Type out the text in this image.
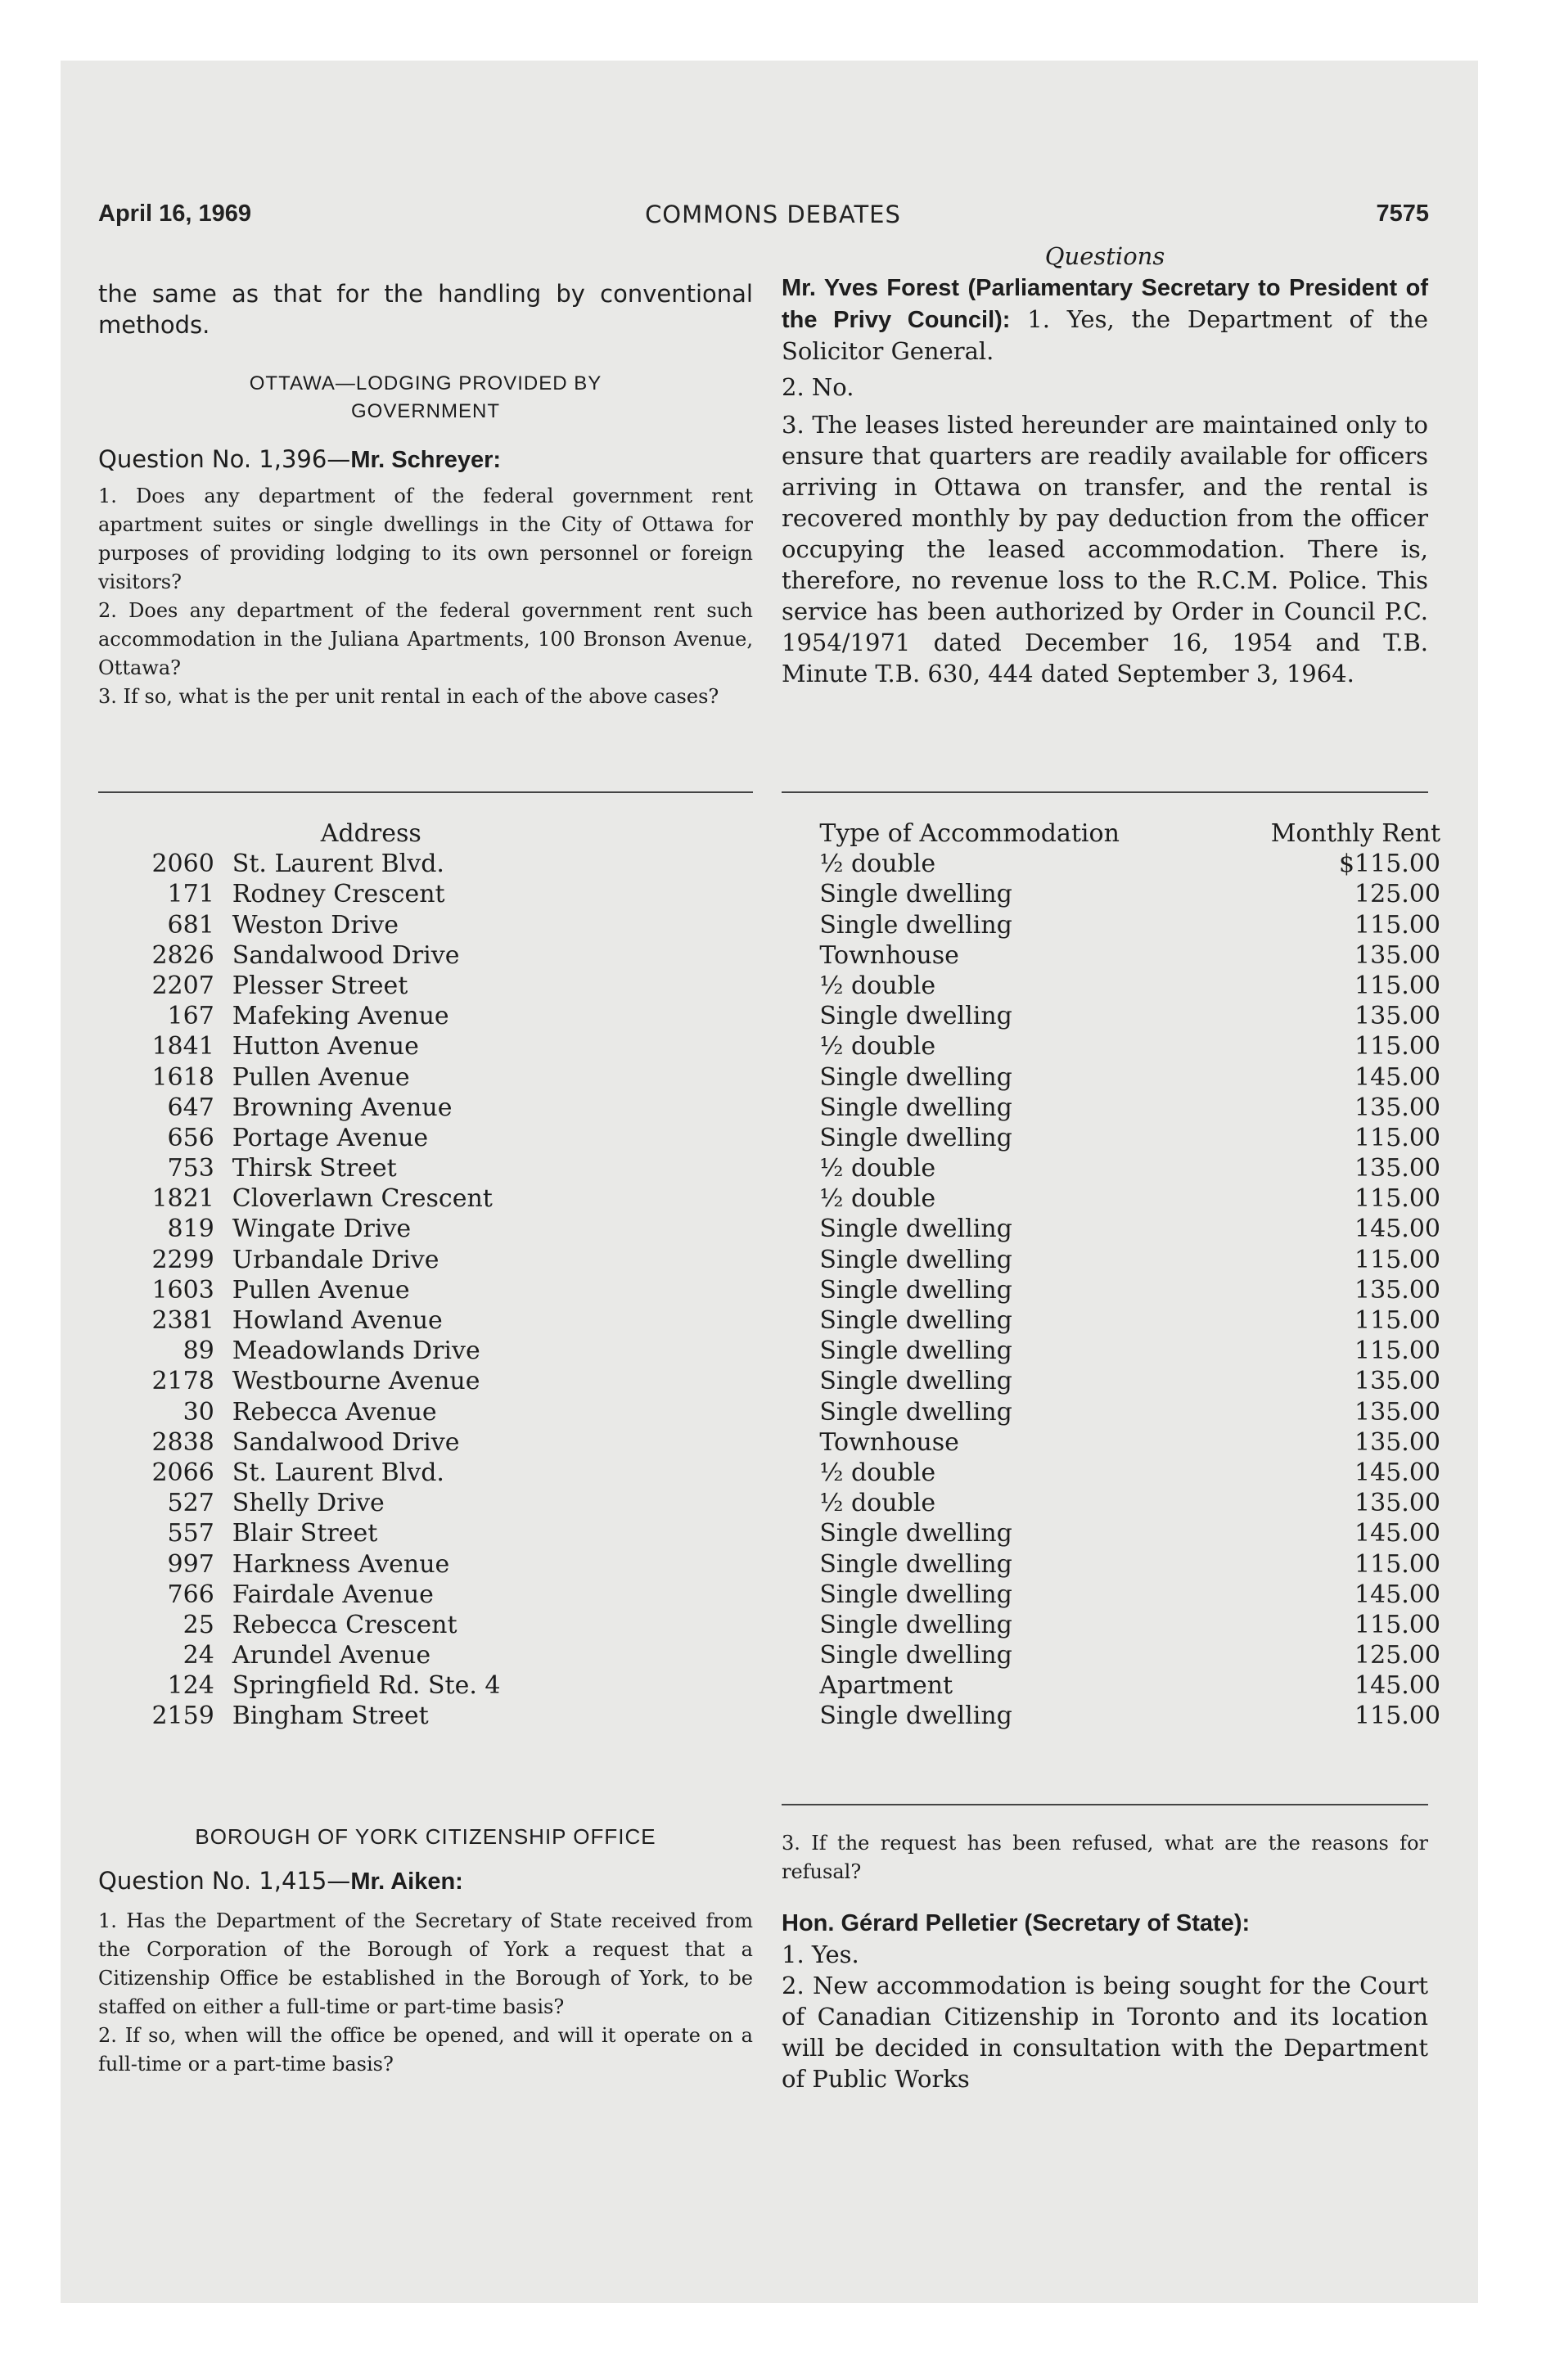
April 16, 1969	COMMONS DEBATES	7575

the same as that for the handling by conventional methods.

OTTAWA—LODGING PROVIDED BY GOVERNMENT

Question No. 1,396—Mr. Schreyer:

1. Does any department of the federal government rent apartment suites or single dwellings in the City of Ottawa for purposes of providing lodging to its own personnel or foreign visitors?

2. Does any department of the federal government rent such accommodation in the Juliana Apartments, 100 Bronson Avenue, Ottawa?

3. If so, what is the per unit rental in each of the above cases?

Questions

Mr. Yves Forest (Parliamentary Secretary to President of the Privy Council): 1. Yes, the Department of the Solicitor General.

2. No.

3. The leases listed hereunder are maintained only to ensure that quarters are readily available for officers arriving in Ottawa on transfer, and the rental is recovered monthly by pay deduction from the officer occupying the leased accommodation. There is, therefore, no revenue loss to the R.C.M. Police. This service has been authorized by Order in Council P.C. 1954/1971 dated December 16, 1954 and T.B. Minute T.B. 630, 444 dated September 3, 1964.

	Address	Type of Accommodation	Monthly Rent
2060	St. Laurent Blvd.	½ double	$115.00
171	Rodney Crescent	Single dwelling	125.00
681	Weston Drive	Single dwelling	115.00
2826	Sandalwood Drive	Townhouse	135.00
2207	Plesser Street	½ double	115.00
167	Mafeking Avenue	Single dwelling	135.00
1841	Hutton Avenue	½ double	115.00
1618	Pullen Avenue	Single dwelling	145.00
647	Browning Avenue	Single dwelling	135.00
656	Portage Avenue	Single dwelling	115.00
753	Thirsk Street	½ double	135.00
1821	Cloverlawn Crescent	½ double	115.00
819	Wingate Drive	Single dwelling	145.00
2299	Urbandale Drive	Single dwelling	115.00
1603	Pullen Avenue	Single dwelling	135.00
2381	Howland Avenue	Single dwelling	115.00
89	Meadowlands Drive	Single dwelling	115.00
2178	Westbourne Avenue	Single dwelling	135.00
30	Rebecca Avenue	Single dwelling	135.00
2838	Sandalwood Drive	Townhouse	135.00
2066	St. Laurent Blvd.	½ double	145.00
527	Shelly Drive	½ double	135.00
557	Blair Street	Single dwelling	145.00
997	Harkness Avenue	Single dwelling	115.00
766	Fairdale Avenue	Single dwelling	145.00
25	Rebecca Crescent	Single dwelling	115.00
24	Arundel Avenue	Single dwelling	125.00
124	Springfield Rd. Ste. 4	Apartment	145.00
2159	Bingham Street	Single dwelling	115.00

BOROUGH OF YORK CITIZENSHIP OFFICE

Question No. 1,415—Mr. Aiken:

1. Has the Department of the Secretary of State received from the Corporation of the Borough of York a request that a Citizenship Office be established in the Borough of York, to be staffed on either a full-time or part-time basis?

2. If so, when will the office be opened, and will it operate on a full-time or a part-time basis?

3. If the request has been refused, what are the reasons for refusal?

Hon. Gérard Pelletier (Secretary of State):

1. Yes.

2. New accommodation is being sought for the Court of Canadian Citizenship in Toronto and its location will be decided in consultation with the Department of Public Works
